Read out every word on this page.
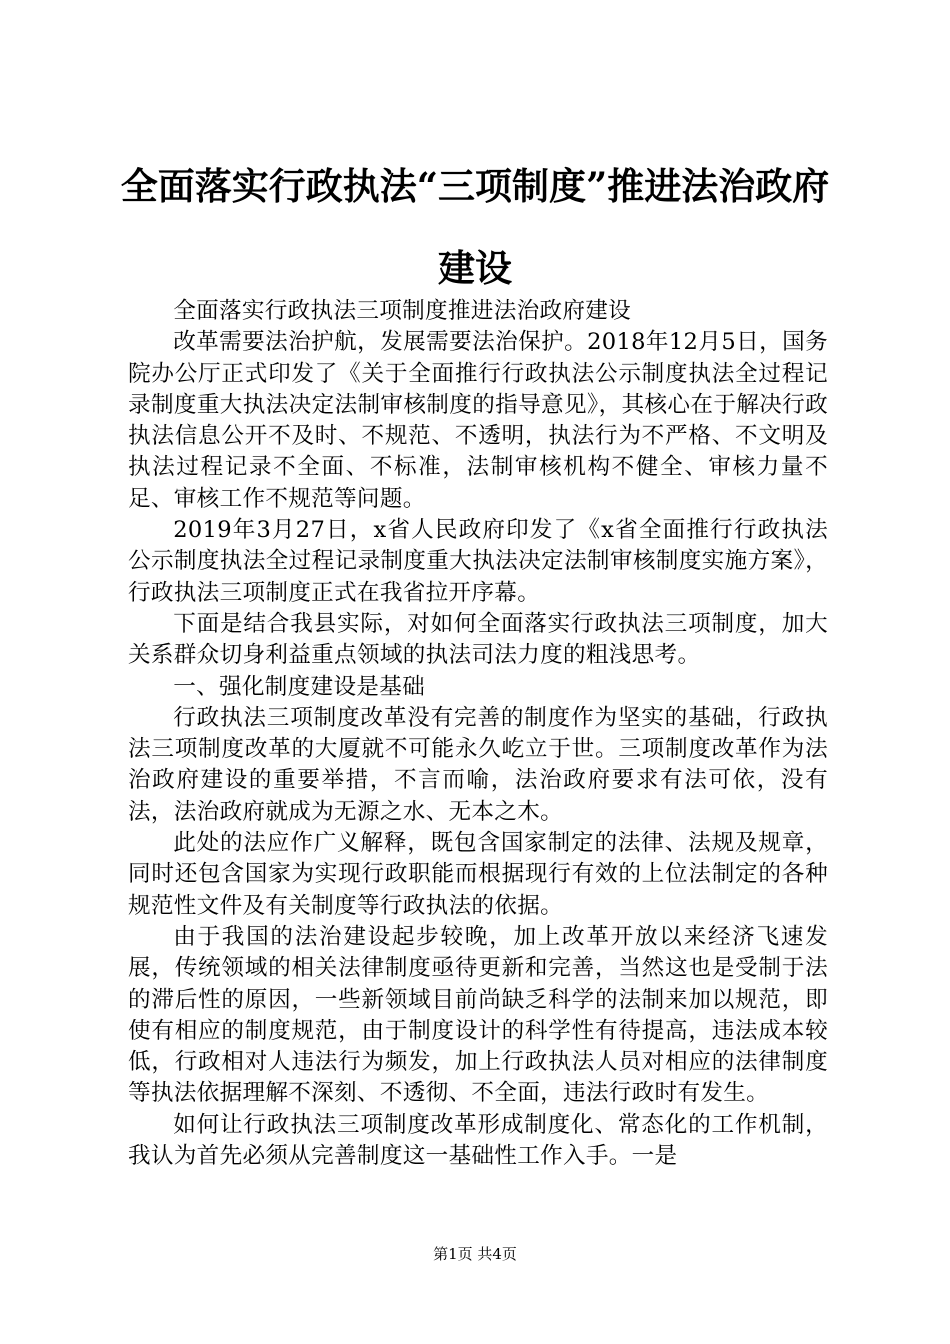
全面落实行政执法“三项制度”推进法治政府
建设

全面落实行政执法三项制度推进法治政府建设

改革需要法治护航，发展需要法治保护。2018年12月5日，国务院办公厅正式印发了《关于全面推行行政执法公示制度执法全过程记录制度重大执法决定法制审核制度的指导意见》，其核心在于解决行政执法信息公开不及时、不规范、不透明，执法行为不严格、不文明及执法过程记录不全面、不标准，法制审核机构不健全、审核力量不足、审核工作不规范等问题。

2019年3月27日，x省人民政府印发了《x省全面推行行政执法公示制度执法全过程记录制度重大执法决定法制审核制度实施方案》，行政执法三项制度正式在我省拉开序幕。

下面是结合我县实际，对如何全面落实行政执法三项制度，加大关系群众切身利益重点领域的执法司法力度的粗浅思考。

一、强化制度建设是基础

行政执法三项制度改革没有完善的制度作为坚实的基础，行政执法三项制度改革的大厦就不可能永久屹立于世。三项制度改革作为法治政府建设的重要举措，不言而喻，法治政府要求有法可依，没有法，法治政府就成为无源之水、无本之木。

此处的法应作广义解释，既包含国家制定的法律、法规及规章，同时还包含国家为实现行政职能而根据现行有效的上位法制定的各种规范性文件及有关制度等行政执法的依据。

由于我国的法治建设起步较晚，加上改革开放以来经济飞速发展，传统领域的相关法律制度亟待更新和完善，当然这也是受制于法的滞后性的原因，一些新领域目前尚缺乏科学的法制来加以规范，即使有相应的制度规范，由于制度设计的科学性有待提高，违法成本较低，行政相对人违法行为频发，加上行政执法人员对相应的法律制度等执法依据理解不深刻、不透彻、不全面，违法行政时有发生。

如何让行政执法三项制度改革形成制度化、常态化的工作机制，我认为首先必须从完善制度这一基础性工作入手。一是

第1页 共4页
